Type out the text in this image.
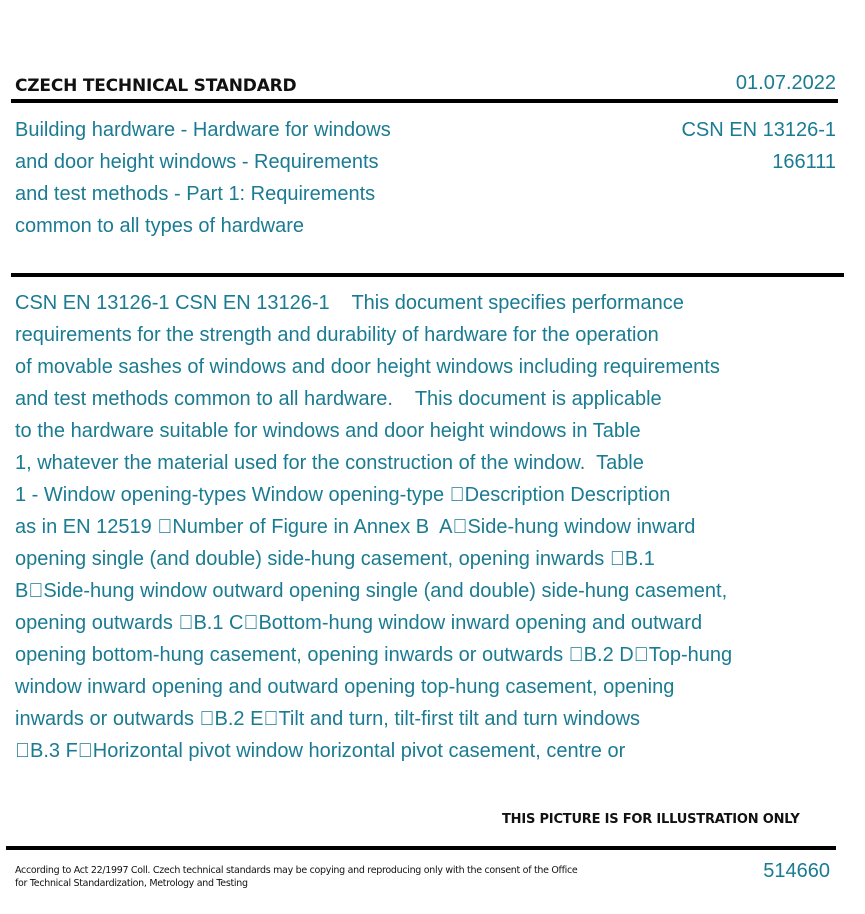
CZECH TECHNICAL STANDARD	01.07.2022
Building hardware - Hardware for windows
and door height windows - Requirements
and test methods - Part 1: Requirements
common to all types of hardware
CSN EN 13126-1
166111
CSN EN 13126-1 CSN EN 13126-1    This document specifies performance
requirements for the strength and durability of hardware for the operation
of movable sashes of windows and door height windows including requirements
and test methods common to all hardware.    This document is applicable
to the hardware suitable for windows and door height windows in Table
1, whatever the material used for the construction of the window.  Table
1 - Window opening-types Window opening-type  Description Description
as in EN 12519  Number of Figure in Annex B  A Side-hung window inward
opening single (and double) side-hung casement, opening inwards  B.1
B Side-hung window outward opening single (and double) side-hung casement,
opening outwards  B.1 C Bottom-hung window inward opening and outward
opening bottom-hung casement, opening inwards or outwards  B.2 D Top-hung
window inward opening and outward opening top-hung casement, opening
inwards or outwards  B.2 E Tilt and turn, tilt-first tilt and turn windows
B.3 F Horizontal pivot window horizontal pivot casement, centre or
THIS PICTURE IS FOR ILLUSTRATION ONLY
According to Act 22/1997 Coll. Czech technical standards may be copying and reproducing only with the consent of the Office
for Technical Standardization, Metrology and Testing
514660
